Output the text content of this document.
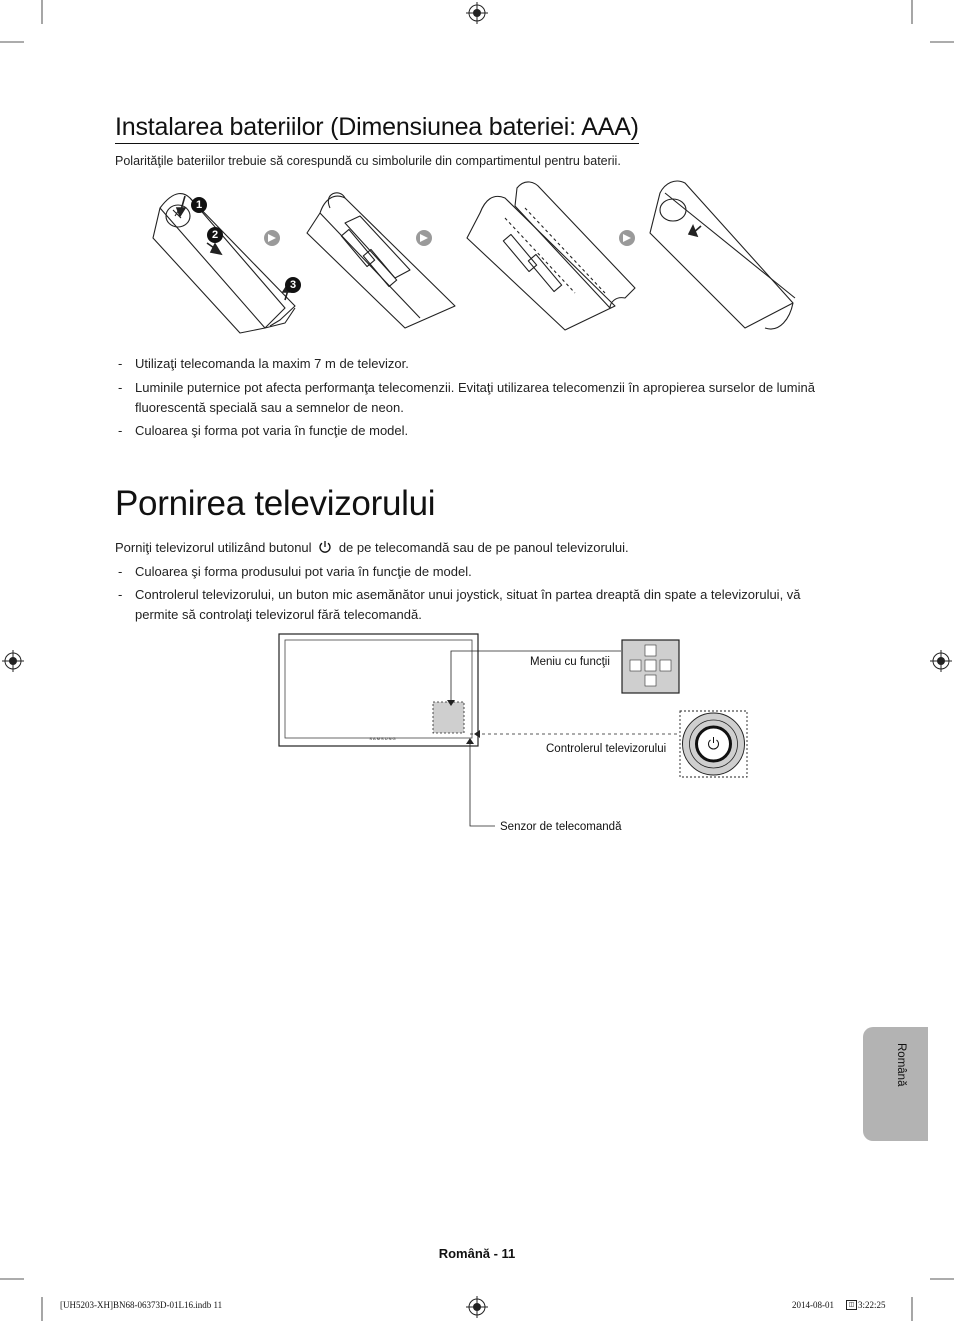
Instalarea bateriilor (Dimensiunea bateriei: AAA)
Polarităţile bateriilor trebuie să corespundă cu simbolurile din compartimentul pentru baterii.
1
2
3
- Utilizaţi telecomanda la maxim 7 m de televizor.
- Luminile puternice pot afecta performanţa telecomenzii. Evitaţi utilizarea telecomenzii în apropierea surselor de lumină fluorescentă specială sau a semnelor de neon.
- Culoarea şi forma pot varia în funcţie de model.
Pornirea televizorului
Porniţi televizorul utilizând butonul de pe telecomandă sau de pe panoul televizorului.
- Culoarea şi forma produsului pot varia în funcţie de model.
- Controlerul televizorului, un buton mic asemănător unui joystick, situat în partea dreaptă din spate a televizorului, vă permite să controlaţi televizorul fără telecomandă.
SAMSUNG
Meniu cu funcţii
Controlerul televizorului
Senzor de telecomandă
Română
Română - 11
[UH5203-XH]BN68-06373D-01L16.indb 11	2014-08-01	◫ 3:22:25
